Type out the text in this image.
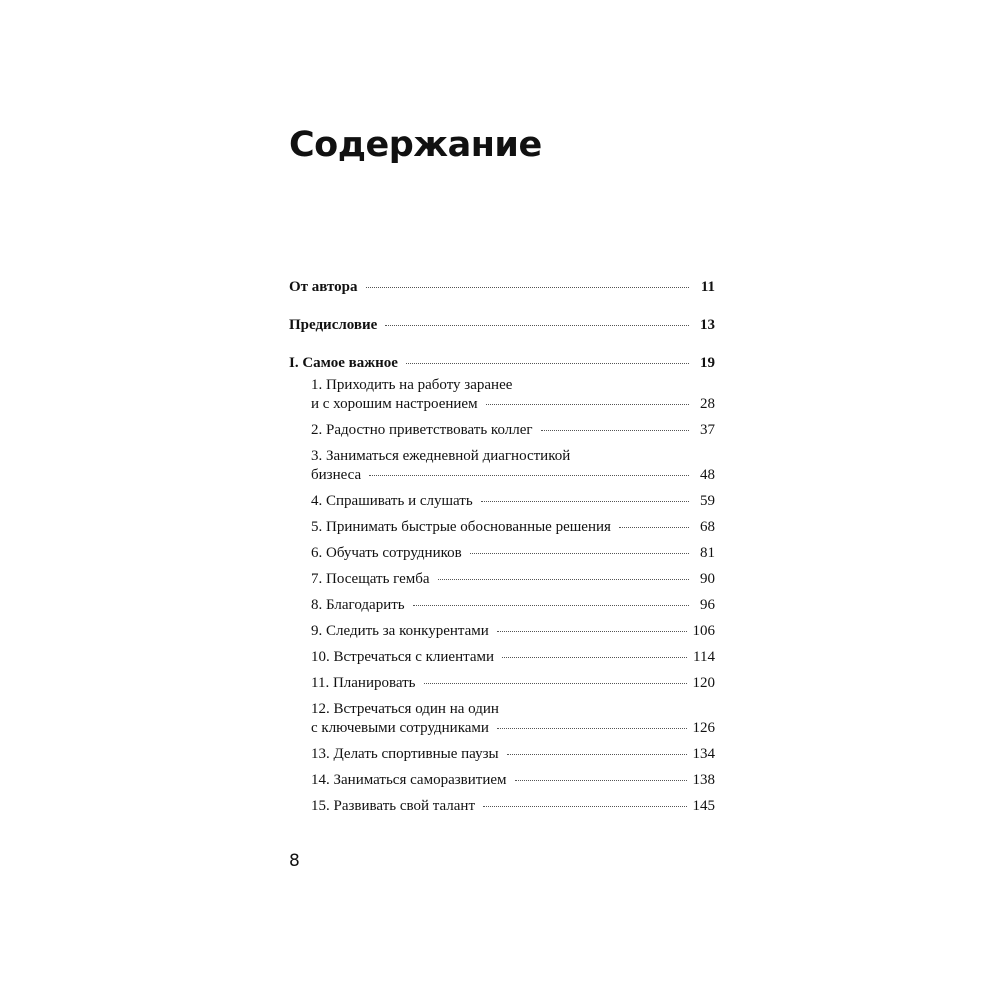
Содержание
От автора	11
Предисловие	13
I. Самое важное	19
1. Приходить на работу заранее
и с хорошим настроением	28
2. Радостно приветствовать коллег	37
3. Заниматься ежедневной диагностикой
бизнеса	48
4. Спрашивать и слушать	59
5. Принимать быстрые обоснованные решения	68
6. Обучать сотрудников	81
7. Посещать гемба	90
8. Благодарить	96
9. Следить за конкурентами	106
10. Встречаться с клиентами	114
11. Планировать	120
12. Встречаться один на один
с ключевыми сотрудниками	126
13. Делать спортивные паузы	134
14. Заниматься саморазвитием	138
15. Развивать свой талант	145
8
